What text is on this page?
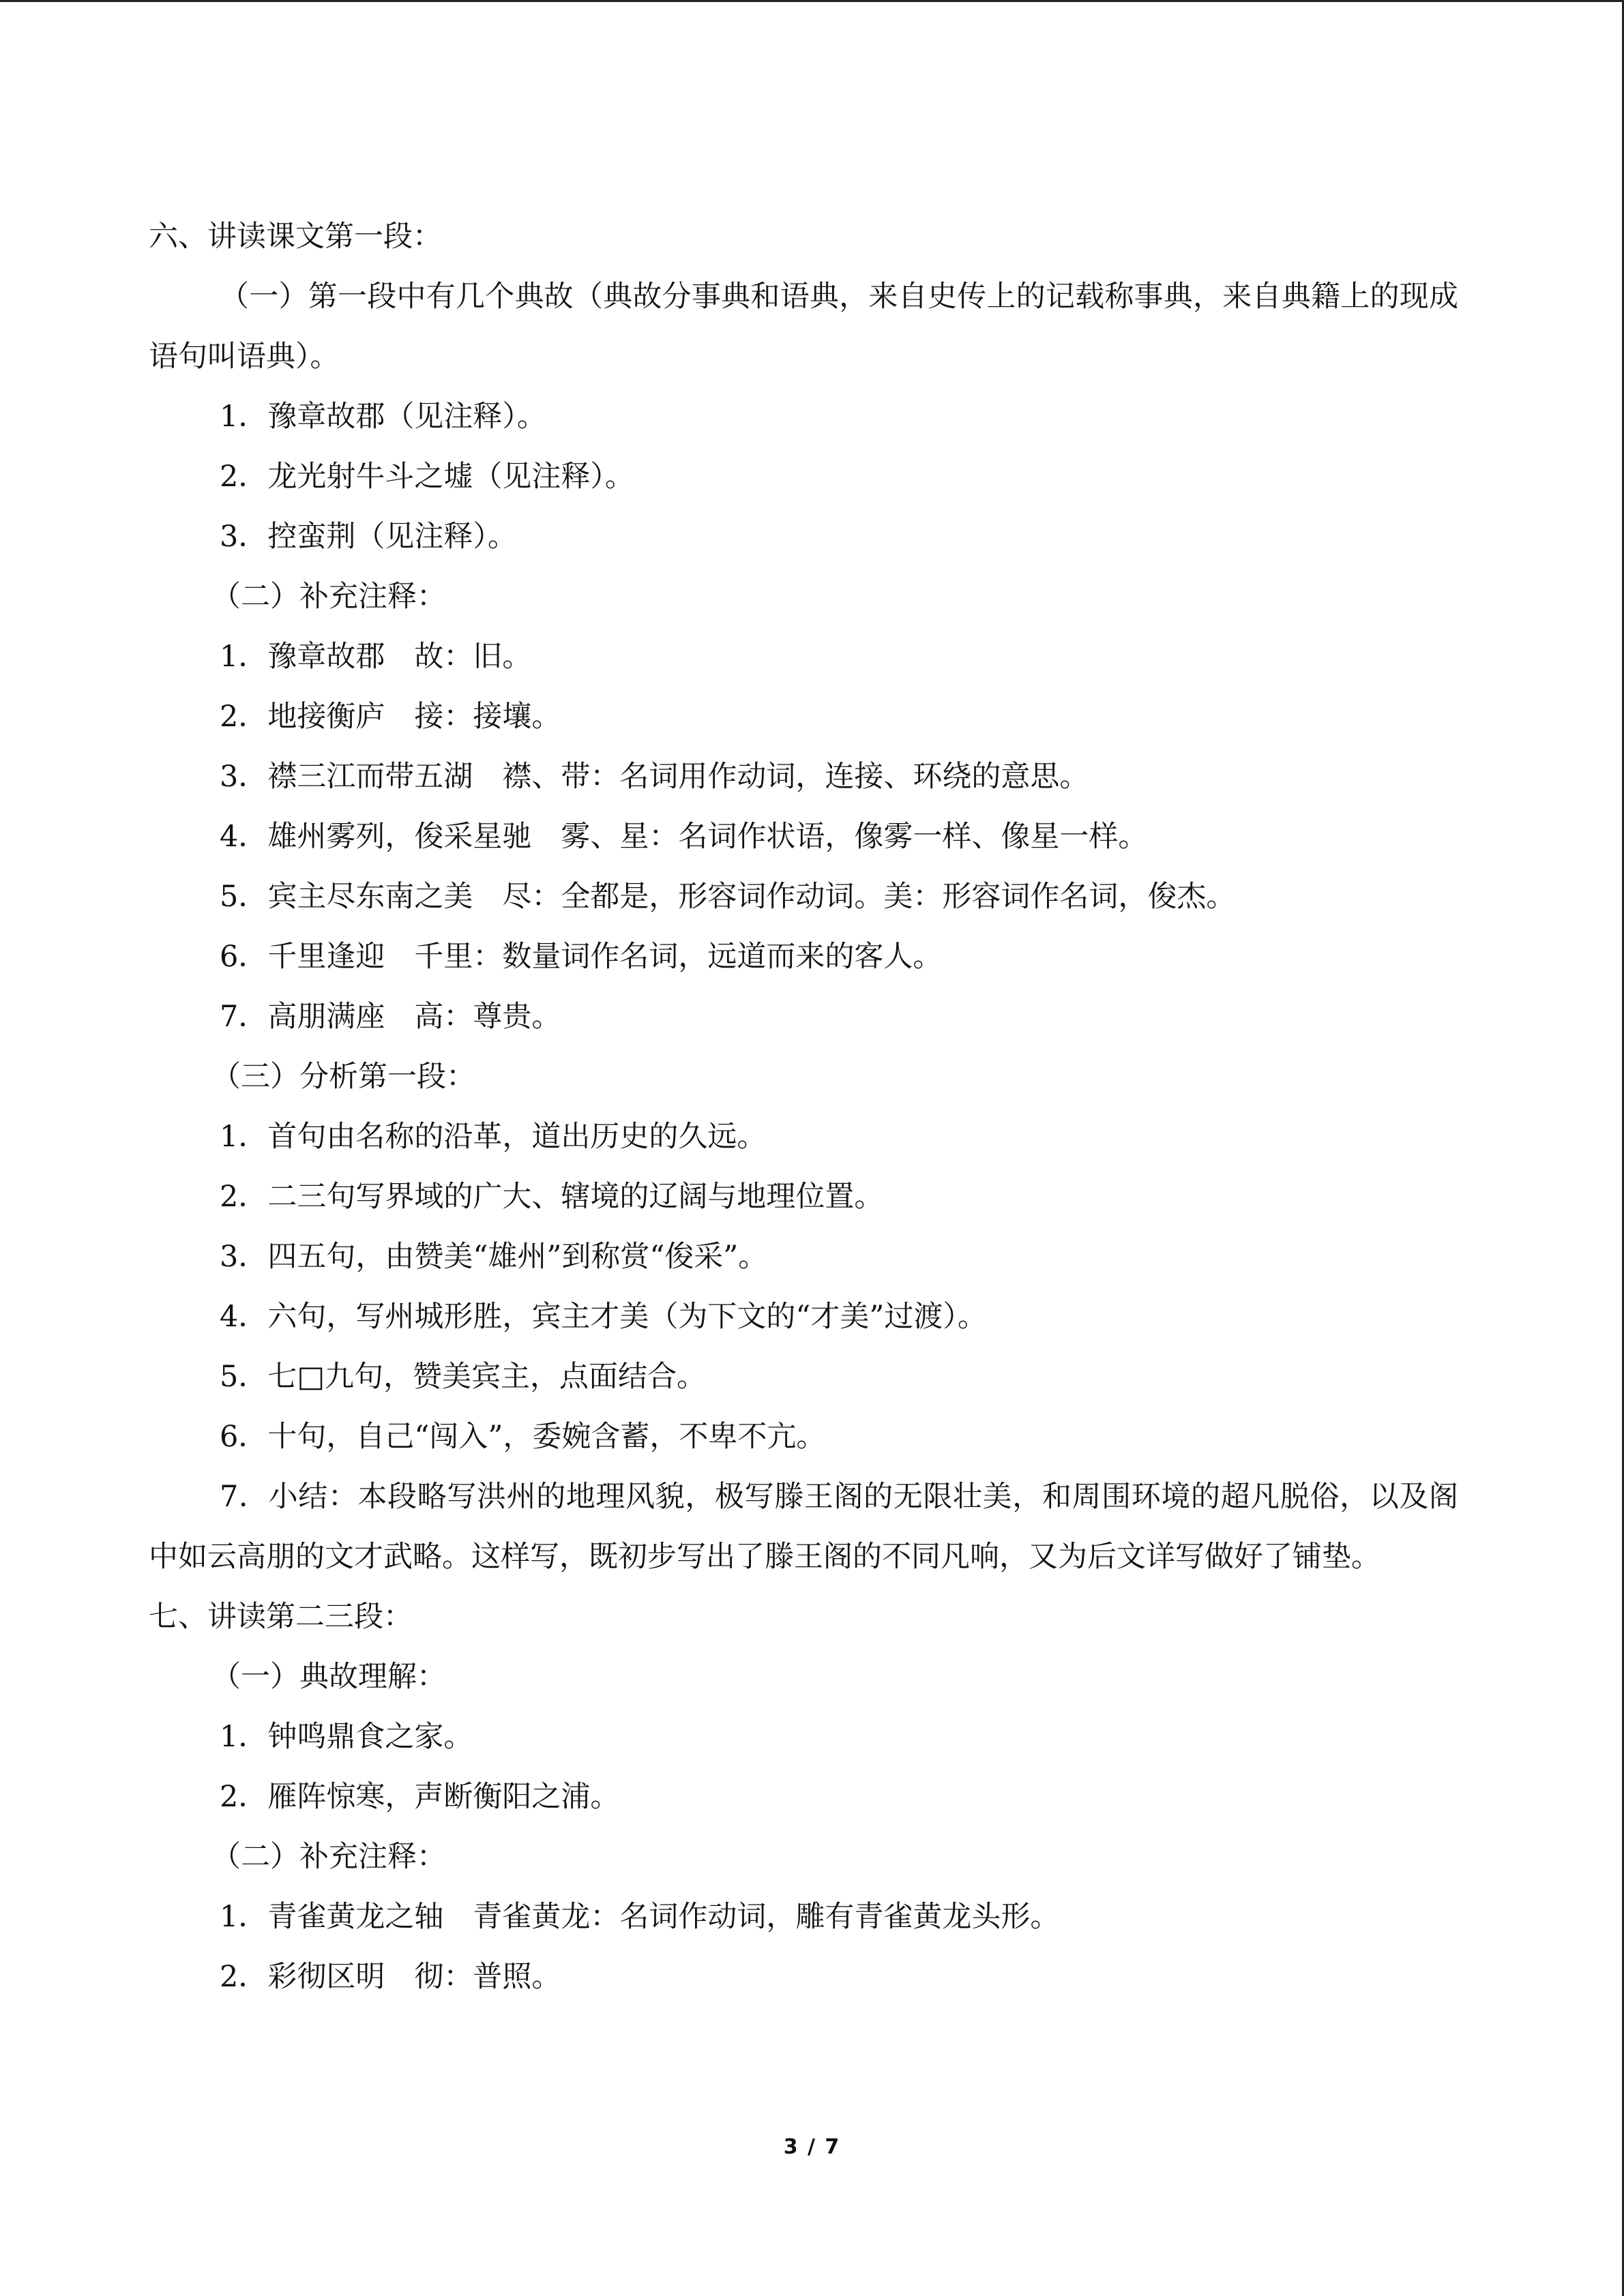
六、讲读课文第一段：
（一）第一段中有几个典故（典故分事典和语典，来自史传上的记载称事典，来自典籍上的现成语句叫语典）。
1．豫章故郡（见注释）。
2．龙光射牛斗之墟（见注释）。
3．控蛮荆（见注释）。
（二）补充注释：
1．豫章故郡　故：旧。
2．地接衡庐　接：接壤。
3．襟三江而带五湖　襟、带：名词用作动词，连接、环绕的意思。
4．雄州雾列，俊采星驰　雾、星：名词作状语，像雾一样、像星一样。
5．宾主尽东南之美　尽：全都是，形容词作动词。美：形容词作名词，俊杰。
6．千里逢迎　千里：数量词作名词，远道而来的客人。
7．高朋满座　高：尊贵。
（三）分析第一段：
1．首句由名称的沿革，道出历史的久远。
2．二三句写界域的广大、辖境的辽阔与地理位置。
3．四五句，由赞美“雄州”到称赏“俊采”。
4．六句，写州城形胜，宾主才美（为下文的“才美”过渡）。
5．七□九句，赞美宾主，点面结合。
6．十句，自己“闯入”，委婉含蓄，不卑不亢。
7．小结：本段略写洪州的地理风貌，极写滕王阁的无限壮美，和周围环境的超凡脱俗，以及阁中如云高朋的文才武略。这样写，既初步写出了滕王阁的不同凡响，又为后文详写做好了铺垫。
七、讲读第二三段：
（一）典故理解：
1．钟鸣鼎食之家。
2．雁阵惊寒，声断衡阳之浦。
（二）补充注释：
1．青雀黄龙之轴　青雀黄龙：名词作动词，雕有青雀黄龙头形。
2．彩彻区明　彻：普照。
3 / 7
